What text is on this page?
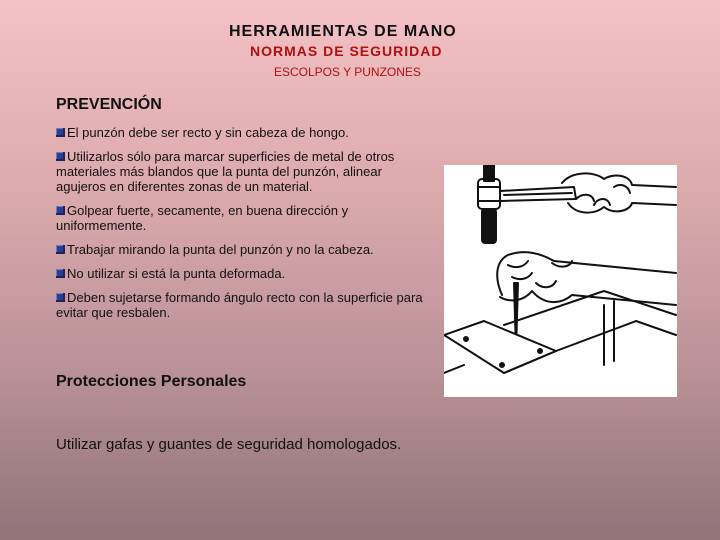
HERRAMIENTAS DE MANO
NORMAS DE SEGURIDAD
ESCOLPOS Y PUNZONES
PREVENCIÓN
El punzón debe ser recto y sin cabeza de hongo.
Utilizarlos sólo para marcar superficies de metal de otros materiales más blandos que la punta del punzón, alinear agujeros en diferentes zonas de un material.
Golpear fuerte, secamente, en buena dirección y uniformemente.
Trabajar mirando la punta del punzón y no la cabeza.
No utilizar si está la punta deformada.
Deben sujetarse formando ángulo recto con la superficie para evitar que resbalen.
Protecciones Personales
Utilizar gafas y guantes de seguridad homologados.
